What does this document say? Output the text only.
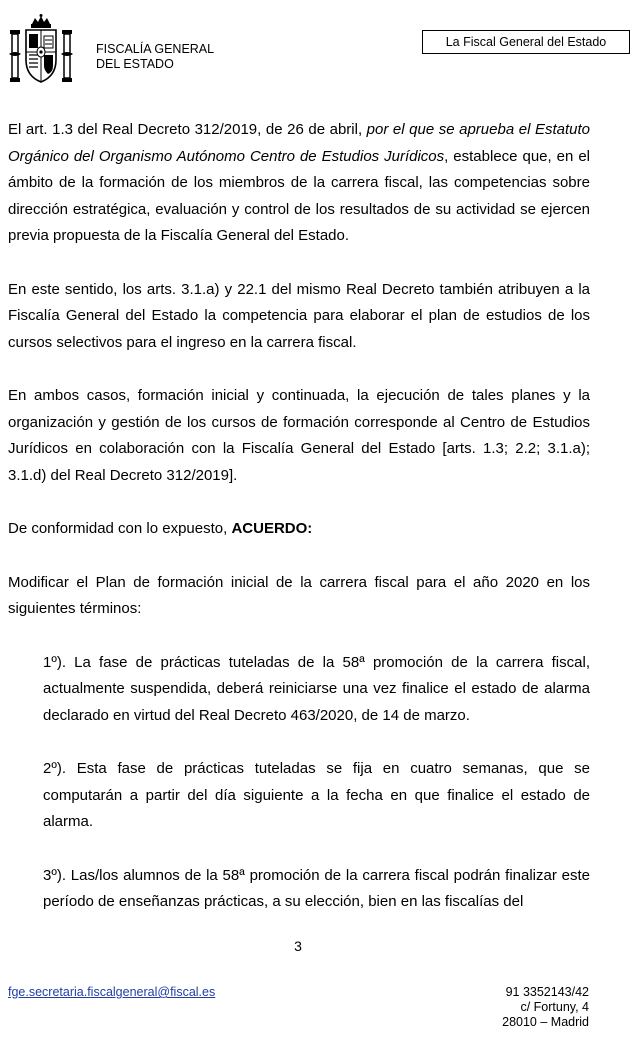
FISCALÍA GENERAL
DEL ESTADO
La Fiscal General del Estado

El art. 1.3 del Real Decreto 312/2019, de 26 de abril, por el que se aprueba el Estatuto Orgánico del Organismo Autónomo Centro de Estudios Jurídicos, establece que, en el ámbito de la formación de los miembros de la carrera fiscal, las competencias sobre dirección estratégica, evaluación y control de los resultados de su actividad se ejercen previa propuesta de la Fiscalía General del Estado.

En este sentido, los arts. 3.1.a) y 22.1 del mismo Real Decreto también atribuyen a la Fiscalía General del Estado la competencia para elaborar el plan de estudios de los cursos selectivos para el ingreso en la carrera fiscal.

En ambos casos, formación inicial y continuada, la ejecución de tales planes y la organización y gestión de los cursos de formación corresponde al Centro de Estudios Jurídicos en colaboración con la Fiscalía General del Estado [arts. 1.3; 2.2; 3.1.a); 3.1.d) del Real Decreto 312/2019].

De conformidad con lo expuesto, ACUERDO:

Modificar el Plan de formación inicial de la carrera fiscal para el año 2020 en los siguientes términos:

1º). La fase de prácticas tuteladas de la 58ª promoción de la carrera fiscal, actualmente suspendida, deberá reiniciarse una vez finalice el estado de alarma declarado en virtud del Real Decreto 463/2020, de 14 de marzo.

2º). Esta fase de prácticas tuteladas se fija en cuatro semanas, que se computarán a partir del día siguiente a la fecha en que finalice el estado de alarma.

3º). Las/los alumnos de la 58ª promoción de la carrera fiscal podrán finalizar este período de enseñanzas prácticas, a su elección, bien en las fiscalías del

3
fge.secretaria.fiscalgeneral@fiscal.es	91 3352143/42
c/ Fortuny, 4
28010 – Madrid
